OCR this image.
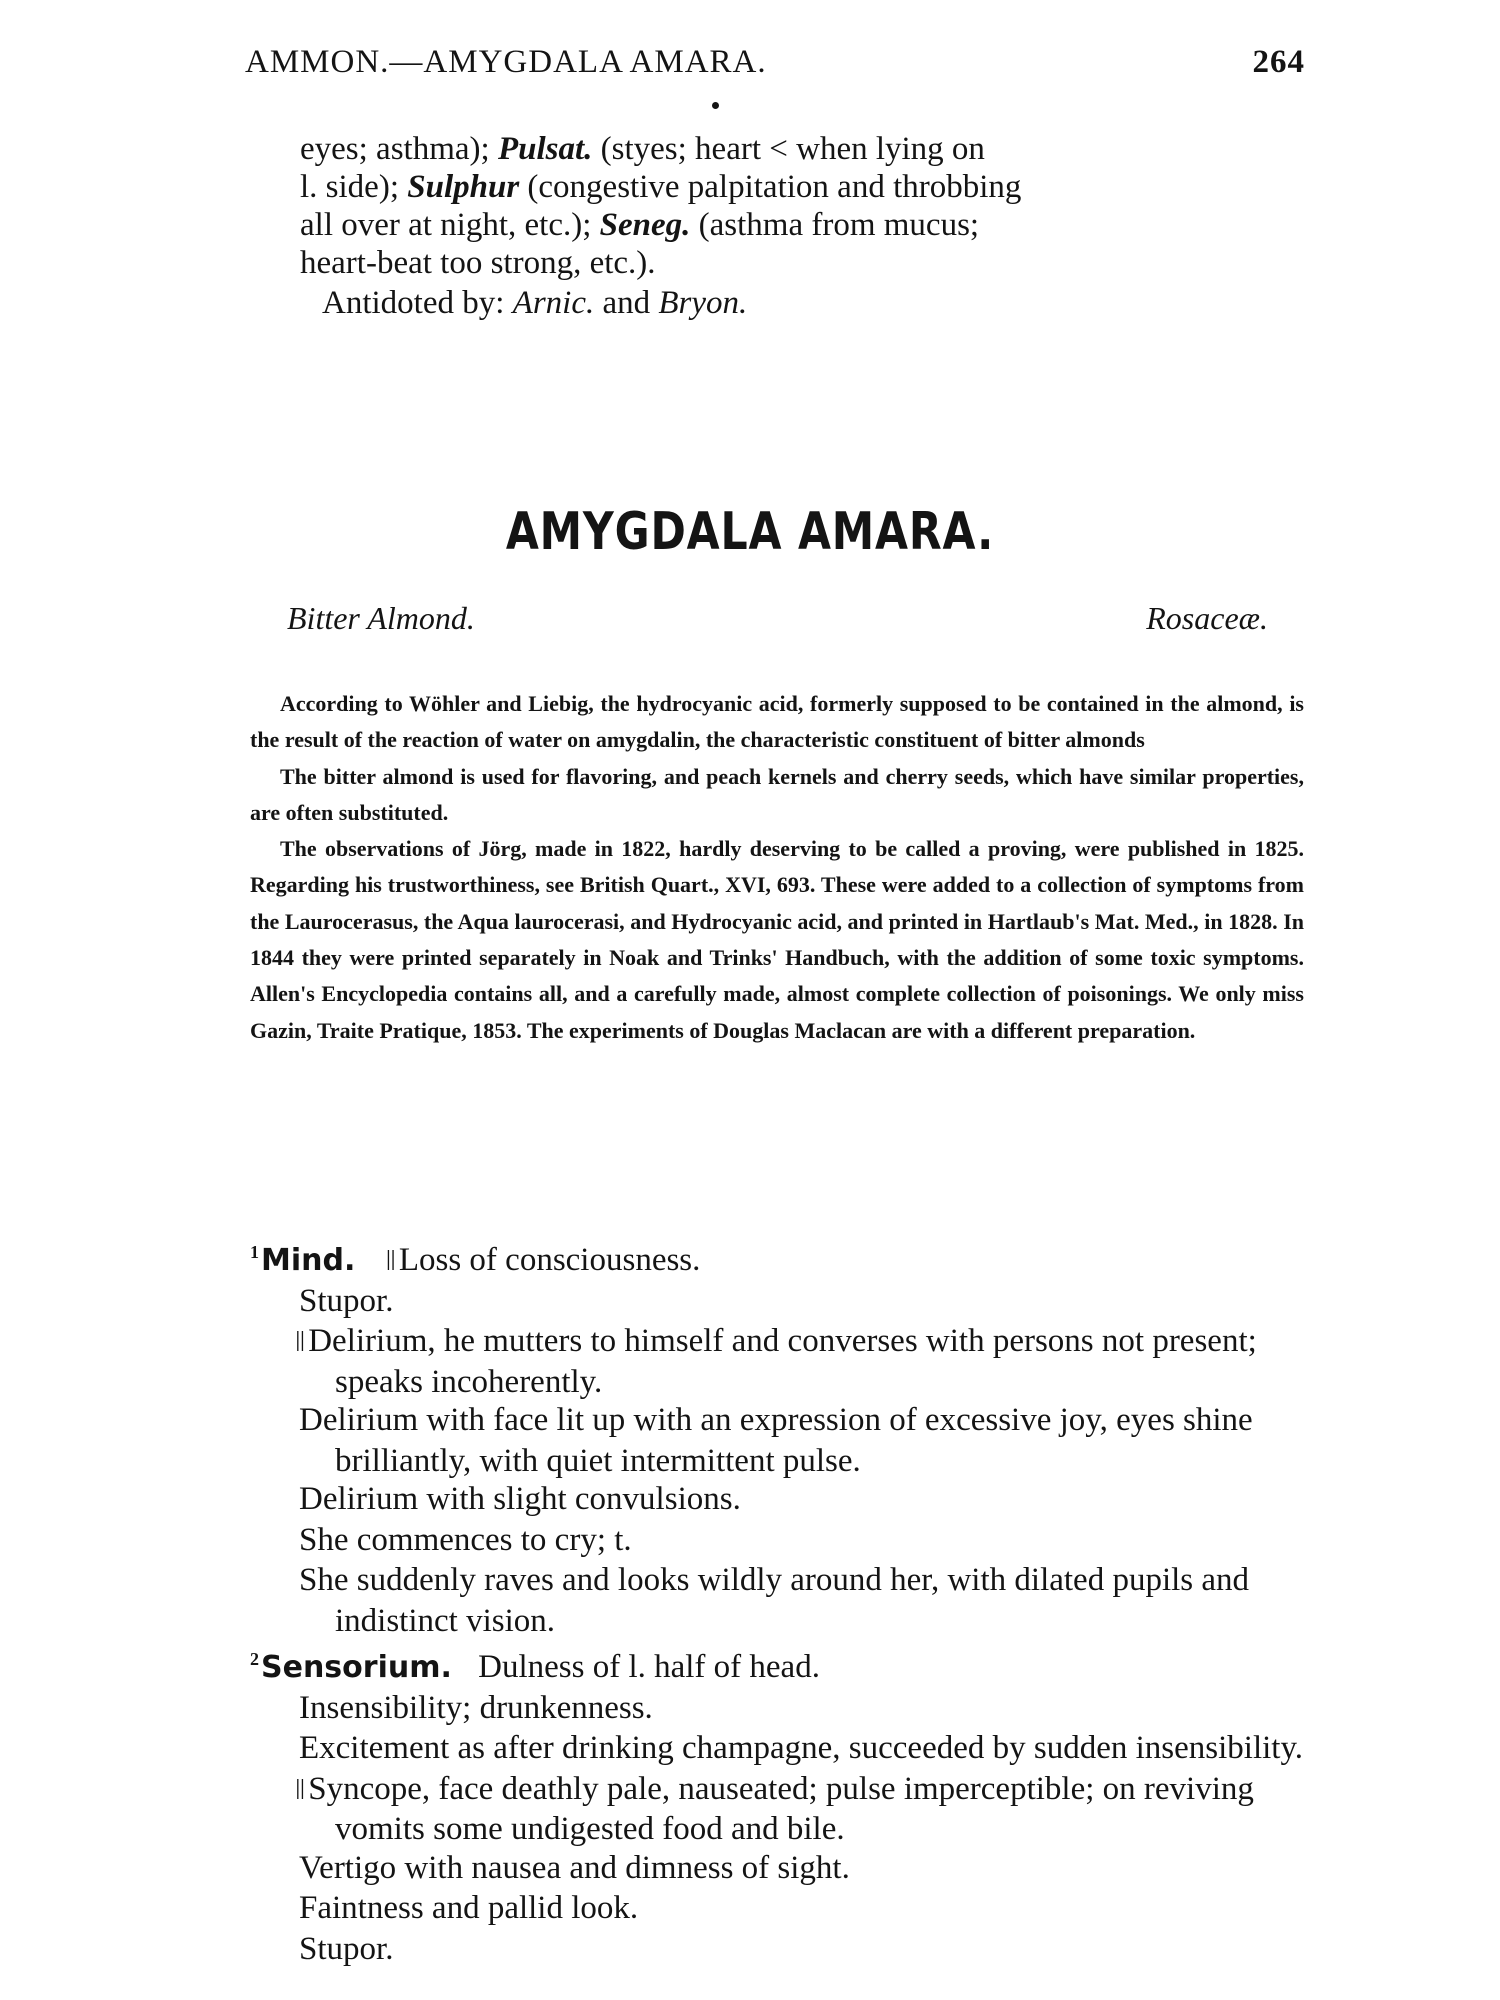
AMMON.—AMYGDALA AMARA.	264
eyes; asthma); Pulsat. (styes; heart < when lying on
l. side); Sulphur (congestive palpitation and throbbing
all over at night, etc.); Seneg. (asthma from mucus;
heart-beat too strong, etc.).
Antidoted by: Arnic. and Bryon.
AMYGDALA AMARA.
Bitter Almond.	Rosaceæ.

According to Wöhler and Liebig, the hydrocyanic acid, formerly supposed to be contained in the almond, is the result of the reaction of water on amygdalin, the characteristic constituent of bitter almonds

The bitter almond is used for flavoring, and peach kernels and cherry seeds, which have similar properties, are often substituted.

The observations of Jörg, made in 1822, hardly deserving to be called a proving, were published in 1825. Regarding his trustworthiness, see British Quart., XVI, 693. These were added to a collection of symptoms from the Laurocerasus, the Aqua laurocerasi, and Hydrocyanic acid, and printed in Hartlaub's Mat. Med., in 1828. In 1844 they were printed separately in Noak and Trinks' Handbuch, with the addition of some toxic symptoms. Allen's Encyclopedia contains all, and a carefully made, almost complete collection of poisonings. We only miss Gazin, Traite Pratique, 1853. The experiments of Douglas Maclacan are with a different preparation.

$^1$Mind. ǀǀ Loss of consciousness.

Stupor.

ǀǀ Delirium, he mutters to himself and converses with persons not present; speaks incoherently.

Delirium with face lit up with an expression of excessive joy, eyes shine brilliantly, with quiet intermittent pulse.

Delirium with slight convulsions.

She commences to cry; t.

She suddenly raves and looks wildly around her, with dilated pupils and indistinct vision.

$^2$Sensorium. Dulness of l. half of head.

Insensibility; drunkenness.

Excitement as after drinking champagne, succeeded by sudden insensibility.

ǀǀ Syncope, face deathly pale, nauseated; pulse imperceptible; on reviving vomits some undigested food and bile.

Vertigo with nausea and dimness of sight.

Faintness and pallid look.

Stupor.
